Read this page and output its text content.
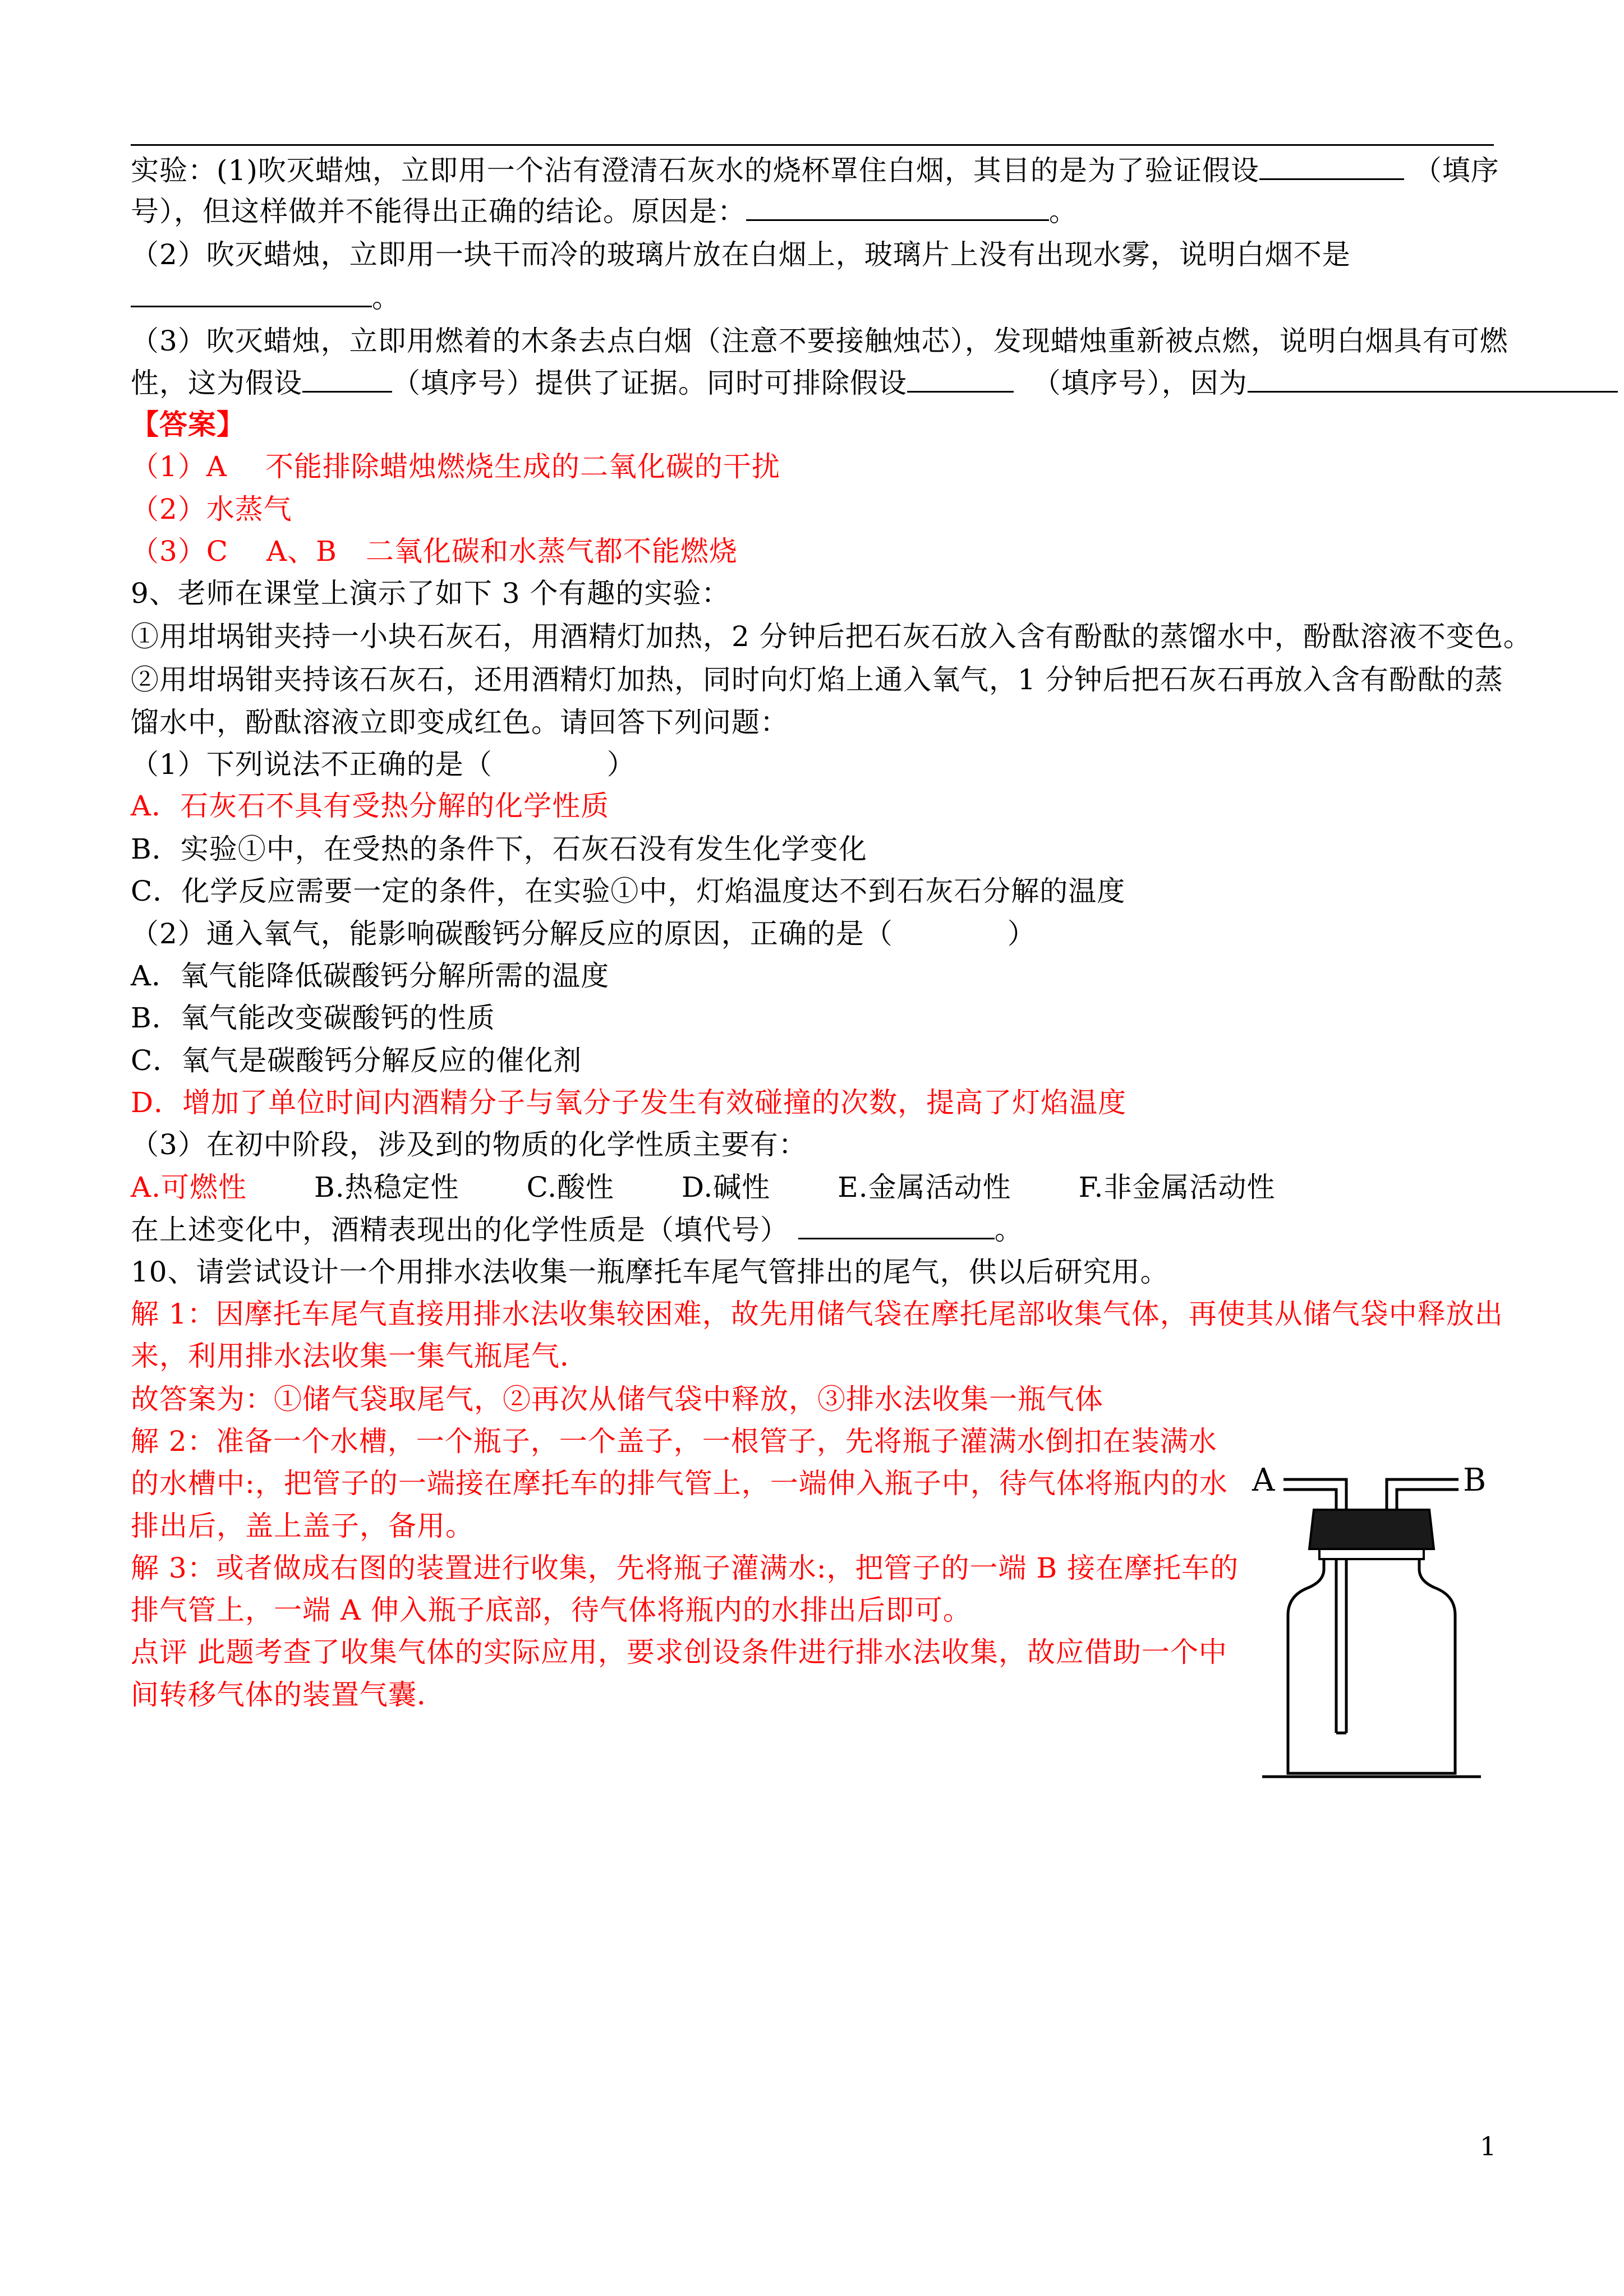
实验：(1)吹灭蜡烛，立即用一个沾有澄清石灰水的烧杯罩住白烟，其目的是为了验证假设	（填序
号），但这样做并不能得出正确的结论。原因是：	。
（2）吹灭蜡烛，立即用一块干而冷的玻璃片放在白烟上，玻璃片上没有出现水雾，说明白烟不是
。
（3）吹灭蜡烛，立即用燃着的木条去点白烟（注意不要接触烛芯），发现蜡烛重新被点燃，说明白烟具有可燃
性，这为假设	（填序号）提供了证据。同时可排除假设	（填序号），因为
【答案】
（1）A　 不能排除蜡烛燃烧生成的二氧化碳的干扰
（2）水蒸气
（3）C　 A、B　二氧化碳和水蒸气都不能燃烧
9、老师在课堂上演示了如下 3 个有趣的实验：
①用坩埚钳夹持一小块石灰石，用酒精灯加热，2 分钟后把石灰石放入含有酚酞的蒸馏水中，酚酞溶液不变色。
②用坩埚钳夹持该石灰石，还用酒精灯加热，同时向灯焰上通入氧气，1 分钟后把石灰石再放入含有酚酞的蒸
馏水中，酚酞溶液立即变成红色。请回答下列问题：
（1）下列说法不正确的是（　　　　）
A．石灰石不具有受热分解的化学性质
B．实验①中，在受热的条件下，石灰石没有发生化学变化
C．化学反应需要一定的条件，在实验①中，灯焰温度达不到石灰石分解的温度
（2）通入氧气，能影响碳酸钙分解反应的原因，正确的是（　　　　）
A．氧气能降低碳酸钙分解所需的温度
B．氧气能改变碳酸钙的性质
C．氧气是碳酸钙分解反应的催化剂
D．增加了单位时间内酒精分子与氧分子发生有效碰撞的次数，提高了灯焰温度
（3）在初中阶段，涉及到的物质的化学性质主要有：
A.可燃性 B.热稳定性 C.酸性 D.碱性 E.金属活动性 F.非金属活动性
在上述变化中，酒精表现出的化学性质是（填代号）	。
10、请尝试设计一个用排水法收集一瓶摩托车尾气管排出的尾气，供以后研究用。
解 1：因摩托车尾气直接用排水法收集较困难，故先用储气袋在摩托尾部收集气体，再使其从储气袋中释放出
来，利用排水法收集一集气瓶尾气．
故答案为：①储气袋取尾气，②再次从储气袋中释放，③排水法收集一瓶气体
解 2：准备一个水槽，一个瓶子，一个盖子，一根管子，先将瓶子灌满水倒扣在装满水
的水槽中:，把管子的一端接在摩托车的排气管上，一端伸入瓶子中，待气体将瓶内的水
排出后，盖上盖子，备用。
解 3：或者做成右图的装置进行收集，先将瓶子灌满水:，把管子的一端 B 接在摩托车的
排气管上，一端 A 伸入瓶子底部，待气体将瓶内的水排出后即可。
点评 此题考查了收集气体的实际应用，要求创设条件进行排水法收集，故应借助一个中
间转移气体的装置气囊．
A	B
1
